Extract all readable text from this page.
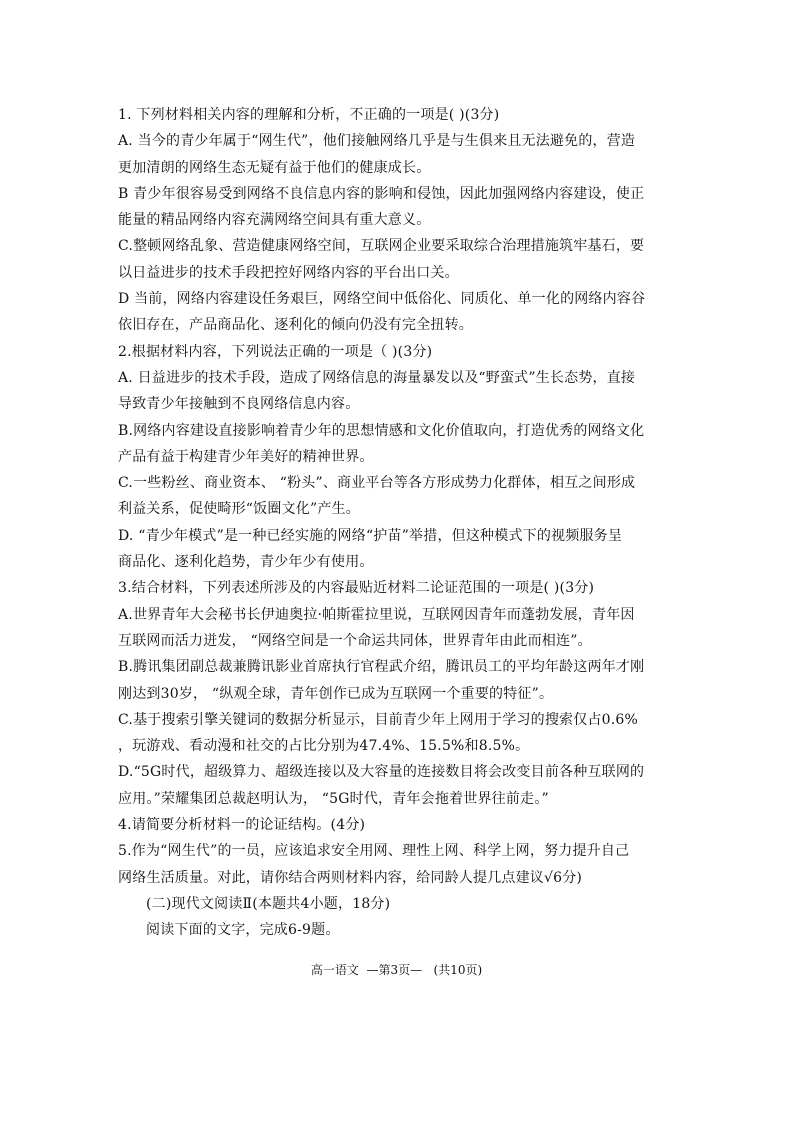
1. 下列材料相关内容的理解和分析，不正确的一项是( )(3分)
A. 当今的青少年属于“网生代”，他们接触网络几乎是与生俱来且无法避免的，营造
更加清朗的网络生态无疑有益于他们的健康成长。
B 青少年很容易受到网络不良信息内容的影响和侵蚀，因此加强网络内容建设，使正
能量的精品网络内容充满网络空间具有重大意义。
C.整顿网络乱象、营造健康网络空间，互联网企业要采取综合治理措施筑牢基石，要
以日益进步的技术手段把控好网络内容的平台出口关。
D 当前，网络内容建设任务艰巨，网络空间中低俗化、同质化、单一化的网络内容谷
依旧存在，产品商品化、逐利化的倾向仍没有完全扭转。
2.根据材料内容，下列说法正确的一项是（ )(3分)
A. 日益进步的技术手段，造成了网络信息的海量暴发以及“野蛮式”生长态势，直接
导致青少年接触到不良网络信息内容。
B.网络内容建设直接影响着青少年的思想情感和文化价值取向，打造优秀的网络文化
产品有益于构建青少年美好的精神世界。
C.一些粉丝、商业资本、 “粉头”、商业平台等各方形成势力化群体，相互之间形成
利益关系，促使畸形“饭圈文化”产生。
D. “青少年模式”是一种已经实施的网络“护苗”举措，但这种模式下的视频服务呈
商品化、逐利化趋势，青少年少有使用。
3.结合材料，下列表述所涉及的内容最贴近材料二论证范围的一项是( )(3分)
A.世界青年大会秘书长伊迪奥拉·帕斯霍拉里说，互联网因青年而蓬勃发展，青年因
互联网而活力迸发， “网络空间是一个命运共同体，世界青年由此而相连”。
B.腾讯集团副总裁兼腾讯影业首席执行官程武介绍，腾讯员工的平均年龄这两年才刚
刚达到30岁， “纵观全球，青年创作已成为互联网一个重要的特征”。
C.基于搜索引擎关键词的数据分析显示，目前青少年上网用于学习的搜索仅占0.6%
，玩游戏、看动漫和社交的占比分别为47.4%、15.5%和8.5%。
D.“5G时代，超级算力、超级连接以及大容量的连接数目将会改变目前各种互联网的
应用。”荣耀集团总裁赵明认为， “5G时代，青年会拖着世界往前走。”
4.请简要分析材料一的论证结构。(4分)
5.作为“网生代”的一员，应该追求安全用网、理性上网、科学上网，努力提升自己
网络生活质量。对此，请你结合两则材料内容，给同龄人提几点建议√6分)
(二)现代文阅读Ⅱ(本题共4小题，18分)
阅读下面的文字，完成6-9题。
高一语文  —第3页—   (共10页)
